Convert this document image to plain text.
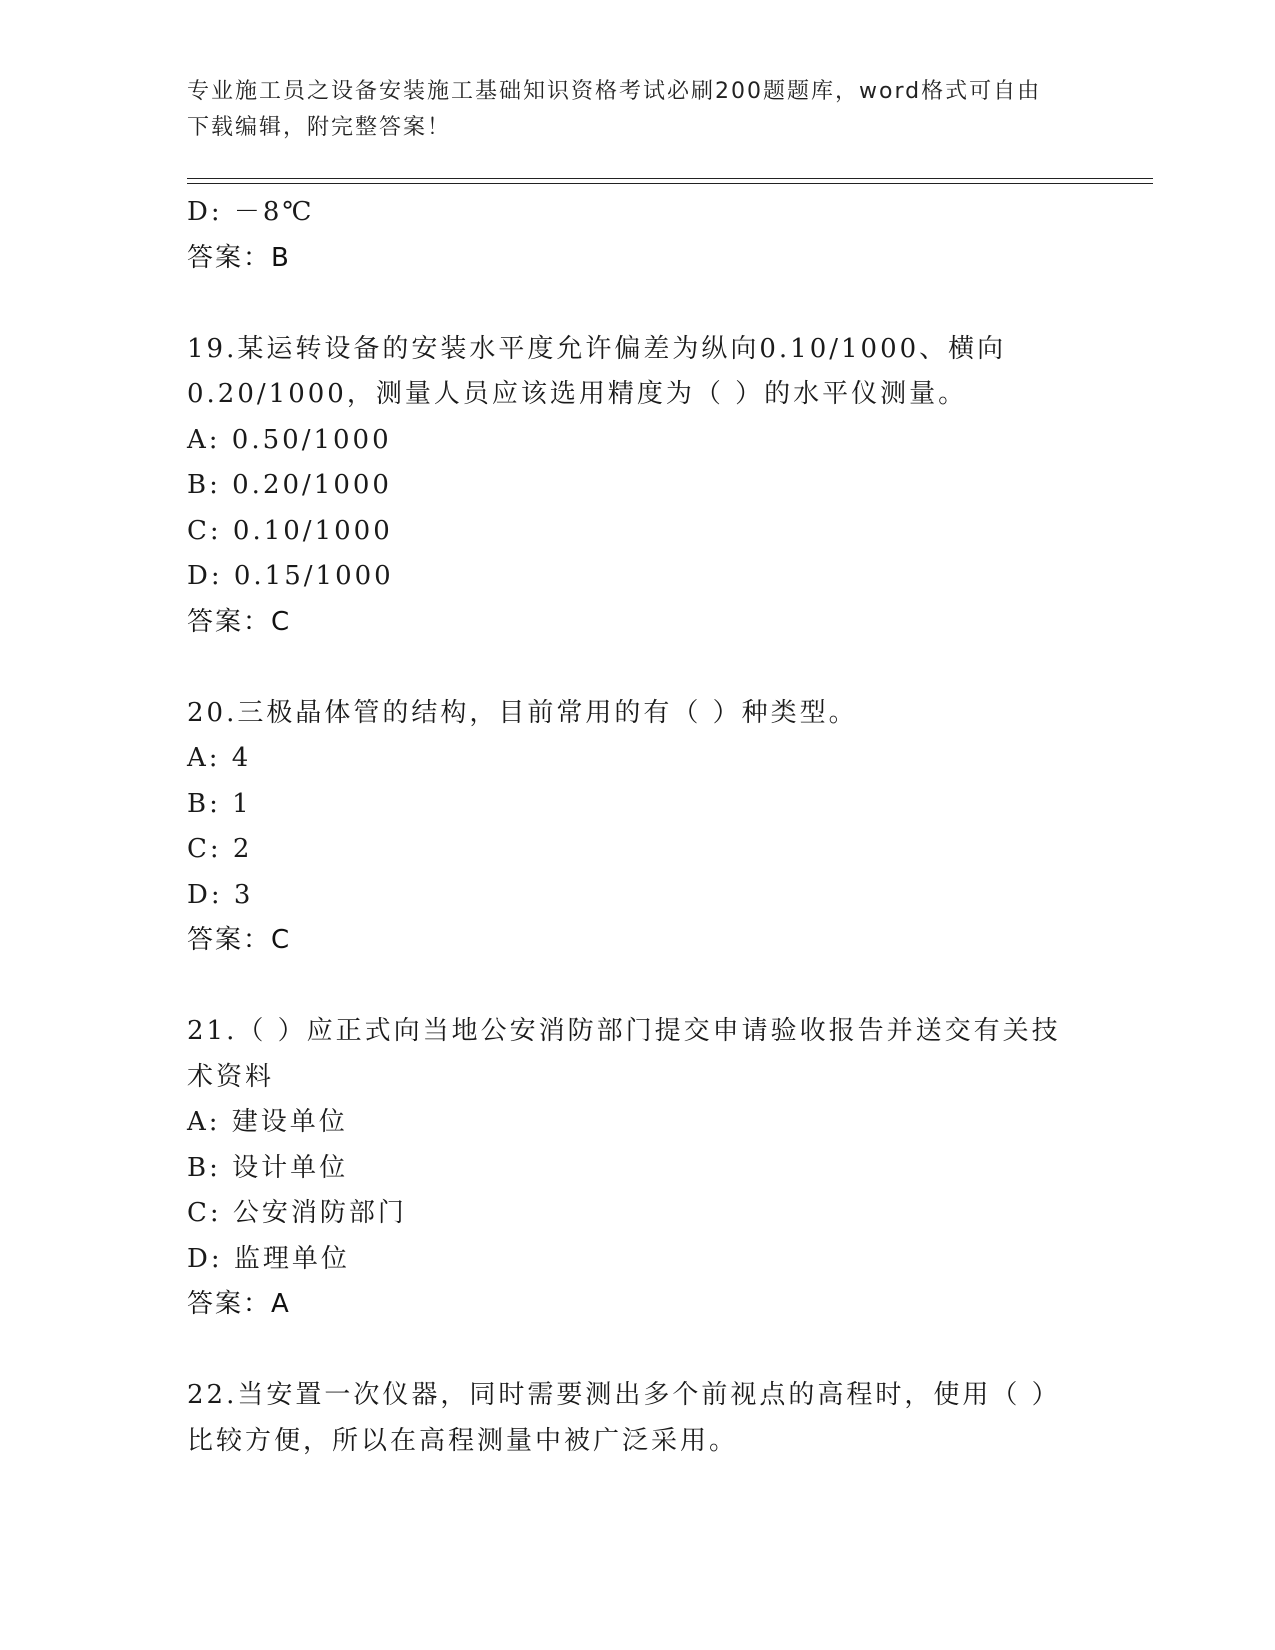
专业施工员之设备安装施工基础知识资格考试必刷200题题库，word格式可自由
下载编辑，附完整答案！
D: －8℃
答案：B
19.某运转设备的安装水平度允许偏差为纵向0.10/1000、横向
0.20/1000，测量人员应该选用精度为（ ）的水平仪测量。
A: 0.50/1000
B: 0.20/1000
C: 0.10/1000
D: 0.15/1000
答案：C
20.三极晶体管的结构，目前常用的有（ ）种类型。
A: 4
B: 1
C: 2
D: 3
答案：C
21.（ ）应正式向当地公安消防部门提交申请验收报告并送交有关技
术资料
A: 建设单位
B: 设计单位
C: 公安消防部门
D: 监理单位
答案：A
22.当安置一次仪器，同时需要测出多个前视点的高程时，使用（ ）
比较方便，所以在高程测量中被广泛采用。
